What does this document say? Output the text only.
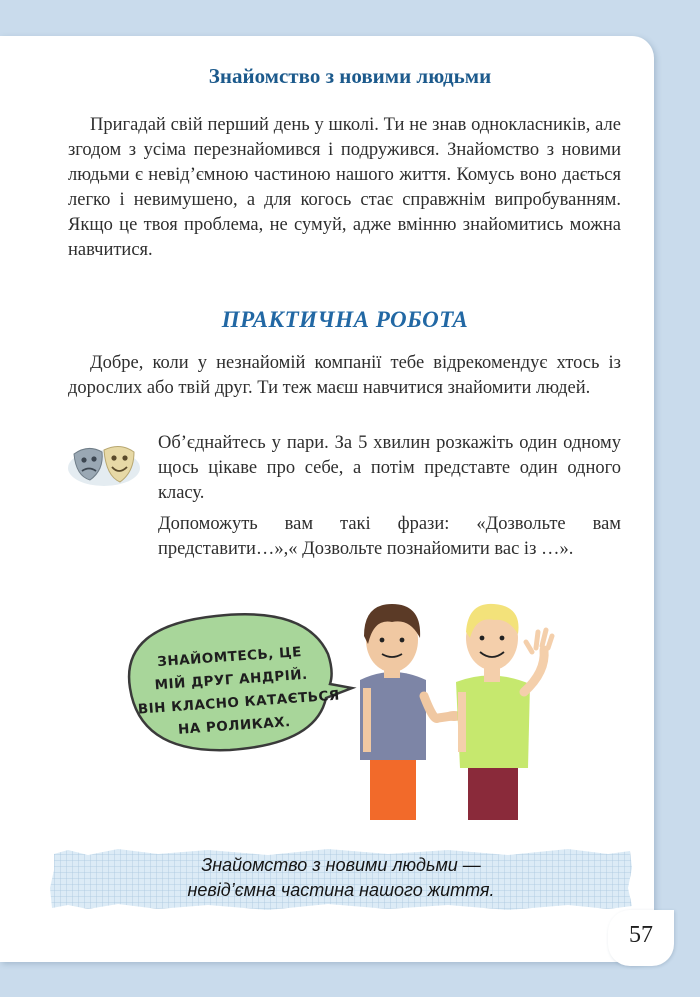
Знайомство з новими людьми

Пригадай свій перший день у школі. Ти не знав однокласників, але згодом з усіма перезнайомився і подружився. Знайомство з новими людьми є невід’ємною частиною нашого життя. Комусь воно дається легко і невимушено, а для когось стає справжнім випробуванням. Якщо це твоя проблема, не сумуй, адже вмінню знайомитись можна навчитися.

ПРАКТИЧНА РОБОТА

Добре, коли у незнайомій компанії тебе відрекомендує хтось із дорослих або твій друг. Ти теж маєш навчитися знайомити людей.

Об’єднайтесь у пари. За 5 хвилин розкажіть один одному щось цікаве про себе, а потім представте один одного класу.

Допоможуть вам такі фрази: «Дозвольте вам представити…»,« Дозвольте познайомити вас із …».

ЗНАЙОМТЕСЬ, ЦЕ
МІЙ ДРУГ АНДРІЙ.
ВІН КЛАСНО КАТАЄТЬСЯ
НА РОЛИКАХ.
Знайомство з новими людьми —
невід’ємна частина нашого життя.
57
